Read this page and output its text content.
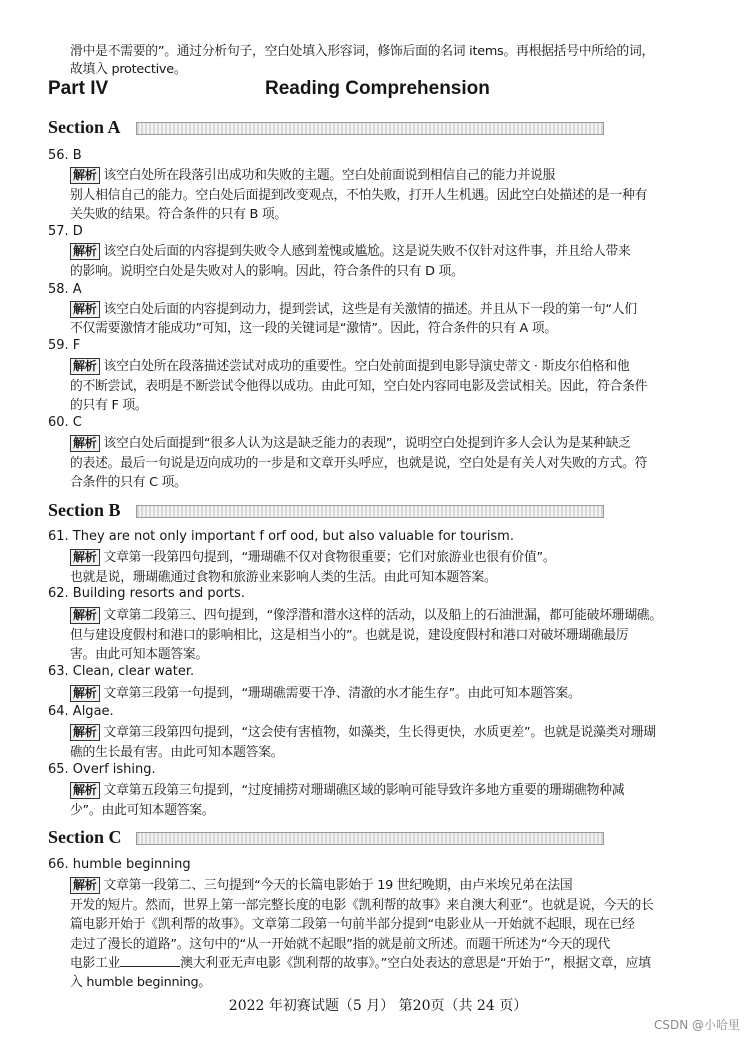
滑中是不需要的”。通过分析句子，空白处填入形容词，修饰后面的名词 items。再根据括号中所给的词，
故填入 protective。
Part IV	Reading Comprehension
Section A
56. B
解析 该空白处所在段落引出成功和失败的主题。空白处前面说到相信自己的能力并说服
别人相信自己的能力。空白处后面提到改变观点，不怕失败，打开人生机遇。因此空白处描述的是一种有
关失败的结果。符合条件的只有 B 项。
57. D
解析 该空白处后面的内容提到失败令人感到羞愧或尴尬。这是说失败不仅针对这件事，并且给人带来
的影响。说明空白处是失败对人的影响。因此，符合条件的只有 D 项。
58. A
解析 该空白处后面的内容提到动力，提到尝试，这些是有关激情的描述。并且从下一段的第一句“人们
不仅需要激情才能成功”可知，这一段的关键词是“激情”。因此，符合条件的只有 A 项。
59. F
解析 该空白处所在段落描述尝试对成功的重要性。空白处前面提到电影导演史蒂文 · 斯皮尔伯格和他
的不断尝试，表明是不断尝试令他得以成功。由此可知，空白处内容同电影及尝试相关。因此，符合条件
的只有 F 项。
60. C
解析 该空白处后面提到“很多人认为这是缺乏能力的表现”，说明空白处提到许多人会认为是某种缺乏
的表述。最后一句说是迈向成功的一步是和文章开头呼应，也就是说，空白处是有关人对失败的方式。符
合条件的只有 C 项。
Section B
61. They are not only important f orf ood, but also valuable for tourism.
解析 文章第一段第四句提到，“珊瑚礁不仅对食物很重要；它们对旅游业也很有价值”。
也就是说，珊瑚礁通过食物和旅游业来影响人类的生活。由此可知本题答案。
62. Building resorts and ports.
解析 文章第二段第三、四句提到，“像浮潜和潜水这样的活动，以及船上的石油泄漏，都可能破坏珊瑚礁。
但与建设度假村和港口的影响相比，这是相当小的”。也就是说，建设度假村和港口对破坏珊瑚礁最厉
害。由此可知本题答案。
63. Clean, clear water.
解析 文章第三段第一句提到，“珊瑚礁需要干净、清澈的水才能生存”。由此可知本题答案。
64. Algae.
解析 文章第三段第四句提到，“这会使有害植物，如藻类，生长得更快，水质更差”。也就是说藻类对珊瑚
礁的生长最有害。由此可知本题答案。
65. Overf ishing.
解析 文章第五段第三句提到，“过度捕捞对珊瑚礁区域的影响可能导致许多地方重要的珊瑚礁物种减
少”。由此可知本题答案。
Section C
66. humble beginning
解析 文章第一段第二、三句提到“今天的长篇电影始于 19 世纪晚期，由卢米埃兄弟在法国
开发的短片。然而，世界上第一部完整长度的电影《凯利帮的故事》来自澳大利亚”。也就是说，今天的长
篇电影开始于《凯利帮的故事》。文章第二段第一句前半部分提到“电影业从一开始就不起眼，现在已经
走过了漫长的道路”。这句中的“从一开始就不起眼”指的就是前文所述。而题干所述为“今天的现代
电影工业	澳大利亚无声电影《凯利帮的故事》。”空白处表达的意思是“开始于”，根据文章，应填
入 humble beginning。
2022 年初赛试题（5 月） 第20页（共 24 页）
CSDN @小哈里
